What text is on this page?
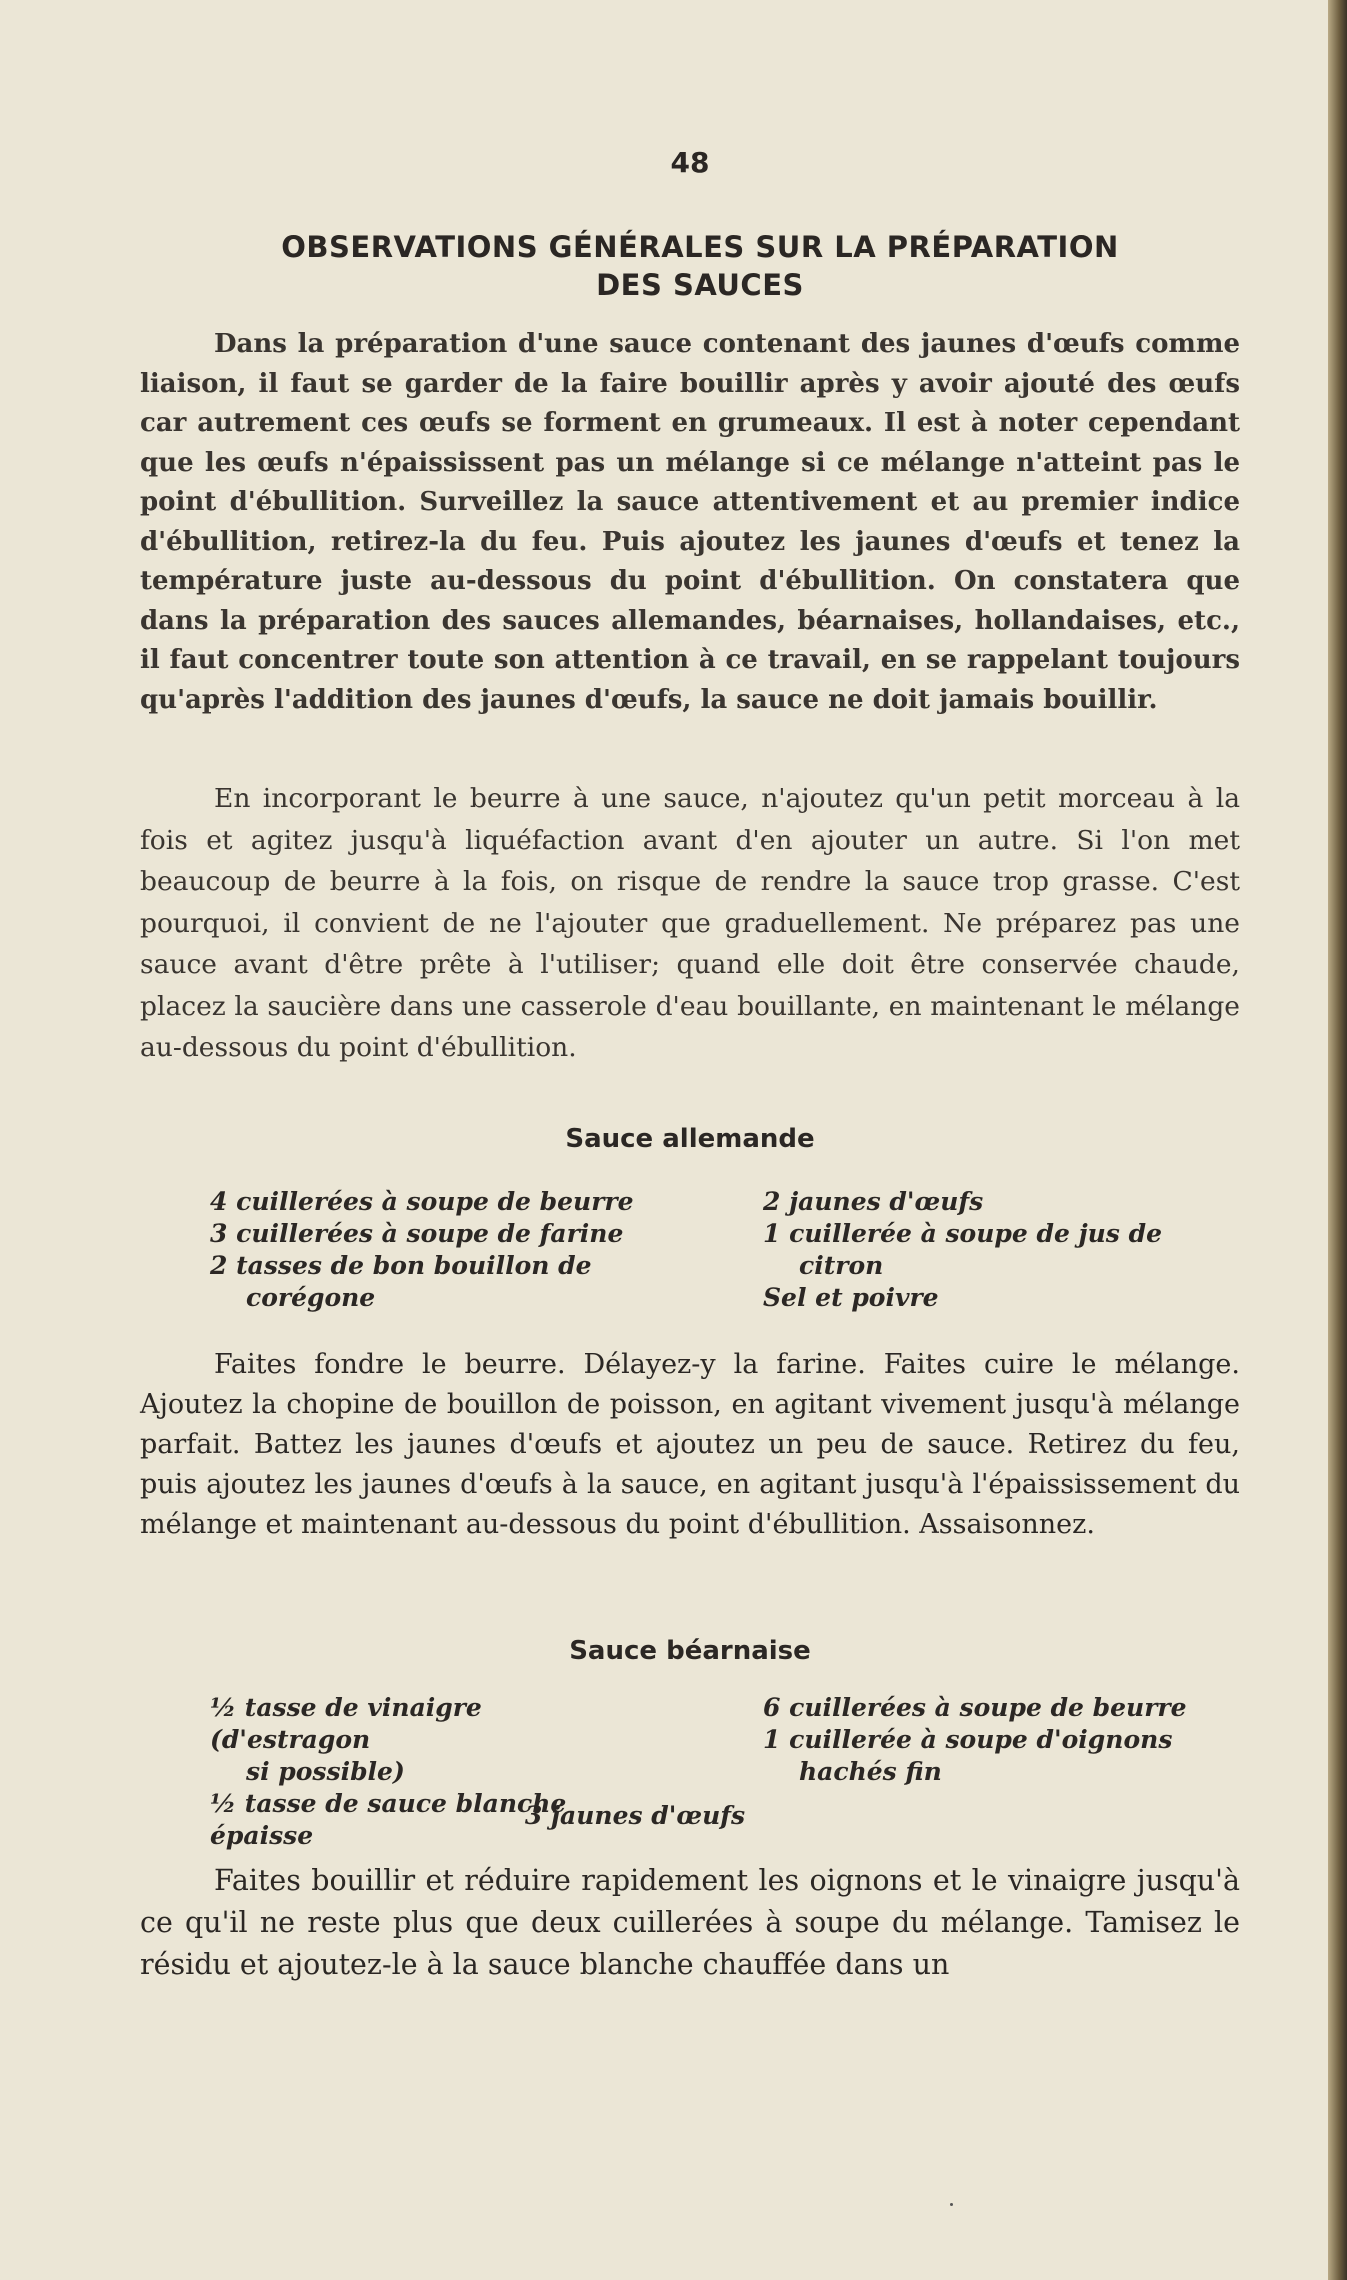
48
OBSERVATIONS GÉNÉRALES SUR LA PRÉPARATION
DES SAUCES

Dans la préparation d'une sauce contenant des jaunes d'œufs comme liaison, il faut se garder de la faire bouillir après y avoir ajouté des œufs car autrement ces œufs se forment en grumeaux. Il est à noter cependant que les œufs n'épaississent pas un mélange si ce mélange n'atteint pas le point d'ébullition. Surveillez la sauce attentivement et au premier indice d'ébullition, retirez-la du feu. Puis ajoutez les jaunes d'œufs et tenez la température juste au-dessous du point d'ébullition. On constatera que dans la préparation des sauces allemandes, béarnaises, hollandaises, etc., il faut concentrer toute son attention à ce travail, en se rappelant toujours qu'après l'addition des jaunes d'œufs, la sauce ne doit jamais bouillir.

En incorporant le beurre à une sauce, n'ajoutez qu'un petit morceau à la fois et agitez jusqu'à liquéfaction avant d'en ajouter un autre. Si l'on met beaucoup de beurre à la fois, on risque de rendre la sauce trop grasse. C'est pourquoi, il convient de ne l'ajouter que graduellement. Ne préparez pas une sauce avant d'être prête à l'utiliser; quand elle doit être conservée chaude, placez la saucière dans une casserole d'eau bouillante, en maintenant le mélange au-dessous du point d'ébullition.

Sauce allemande
4 cuillerées à soupe de beurre
3 cuillerées à soupe de farine
2 tasses de bon bouillon de
corégone
2 jaunes d'œufs
1 cuillerée à soupe de jus de
citron
Sel et poivre

Faites fondre le beurre. Délayez-y la farine. Faites cuire le mélange. Ajoutez la chopine de bouillon de poisson, en agitant vivement jusqu'à mélange parfait. Battez les jaunes d'œufs et ajoutez un peu de sauce. Retirez du feu, puis ajoutez les jaunes d'œufs à la sauce, en agitant jusqu'à l'épaississement du mélange et maintenant au-dessous du point d'ébullition. Assaisonnez.

Sauce béarnaise
½ tasse de vinaigre (d'estragon
si possible)
½ tasse de sauce blanche épaisse
6 cuillerées à soupe de beurre
1 cuillerée à soupe d'oignons
hachés fin
3 jaunes d'œufs

Faites bouillir et réduire rapidement les oignons et le vinaigre jusqu'à ce qu'il ne reste plus que deux cuillerées à soupe du mélange. Tamisez le résidu et ajoutez-le à la sauce blanche chauffée dans un
